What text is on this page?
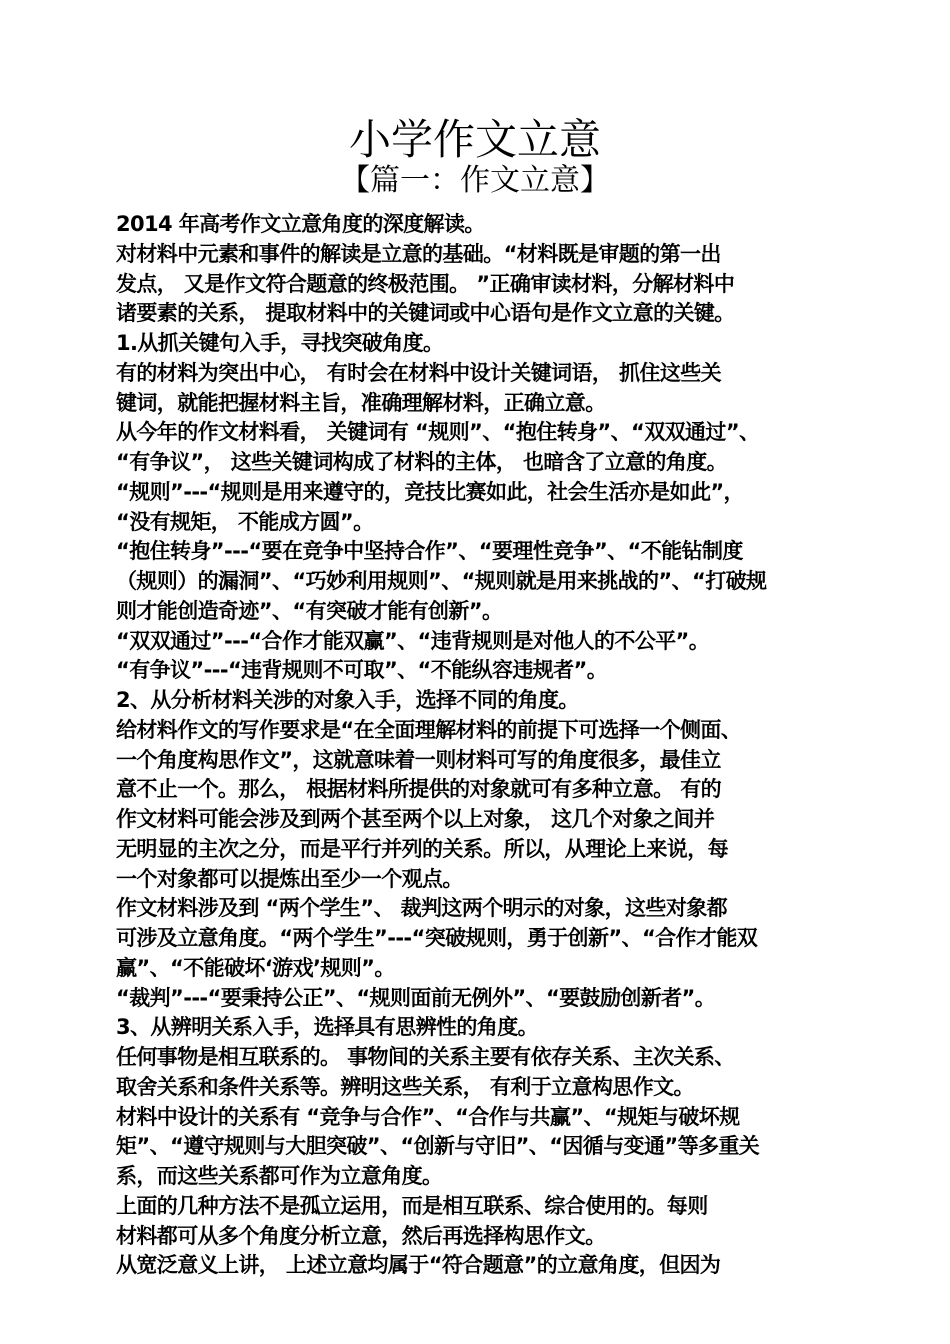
小学作文立意
【篇一：作文立意】
2014 年高考作文立意角度的深度解读。
对材料中元素和事件的解读是立意的基础。“材料既是审题的第一出
发点， 又是作文符合题意的终极范围。 ”正确审读材料，分解材料中
诸要素的关系， 提取材料中的关键词或中心语句是作文立意的关键。
1.从抓关键句入手，寻找突破角度。
有的材料为突出中心， 有时会在材料中设计关键词语， 抓住这些关
键词，就能把握材料主旨，准确理解材料，正确立意。
从今年的作文材料看， 关键词有 “规则”、“抱住转身”、“双双通过”、
“有争议”， 这些关键词构成了材料的主体， 也暗含了立意的角度。
“规则”---“规则是用来遵守的，竞技比赛如此，社会生活亦是如此”，
“没有规矩， 不能成方圆”。
“抱住转身”---“要在竞争中坚持合作”、“要理性竞争”、“不能钻制度
（规则）的漏洞”、“巧妙利用规则”、“规则就是用来挑战的”、“打破规
则才能创造奇迹”、“有突破才能有创新”。
“双双通过”---“合作才能双赢”、“违背规则是对他人的不公平”。
“有争议”---“违背规则不可取”、“不能纵容违规者”。
2、从分析材料关涉的对象入手，选择不同的角度。
给材料作文的写作要求是“在全面理解材料的前提下可选择一个侧面、
一个角度构思作文”，这就意味着一则材料可写的角度很多，最佳立
意不止一个。那么， 根据材料所提供的对象就可有多种立意。 有的
作文材料可能会涉及到两个甚至两个以上对象， 这几个对象之间并
无明显的主次之分，而是平行并列的关系。所以，从理论上来说，每
一个对象都可以提炼出至少一个观点。
作文材料涉及到 “两个学生”、 裁判这两个明示的对象，这些对象都
可涉及立意角度。“两个学生”---“突破规则，勇于创新”、“合作才能双
赢”、“不能破坏‘游戏’规则”。
“裁判”---“要秉持公正”、“规则面前无例外”、“要鼓励创新者”。
3、从辨明关系入手，选择具有思辨性的角度。
任何事物是相互联系的。 事物间的关系主要有依存关系、主次关系、
取舍关系和条件关系等。辨明这些关系， 有利于立意构思作文。
材料中设计的关系有 “竞争与合作”、“合作与共赢”、“规矩与破坏规
矩”、“遵守规则与大胆突破”、“创新与守旧”、“因循与变通”等多重关
系，而这些关系都可作为立意角度。
上面的几种方法不是孤立运用，而是相互联系、综合使用的。每则
材料都可从多个角度分析立意，然后再选择构思作文。
从宽泛意义上讲， 上述立意均属于“符合题意”的立意角度，但因为
